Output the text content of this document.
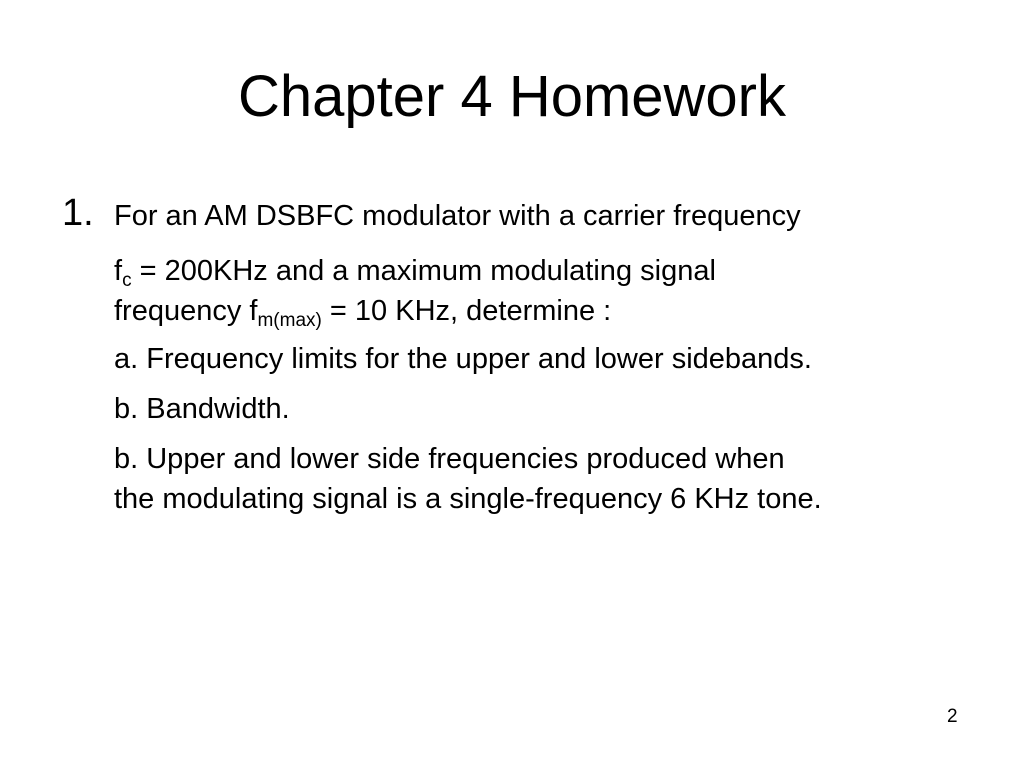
Chapter 4 Homework
1. For an AM DSBFC modulator with a carrier frequency
$f_c = 200KHz$ and a maximum modulating signal
frequency $f_{m(max)} = 10$ KHz, determine :
a. Frequency limits for the upper and lower sidebands.
b. Bandwidth.
b. Upper and lower side frequencies produced when
the modulating signal is a single-frequency 6 KHz tone.
2
